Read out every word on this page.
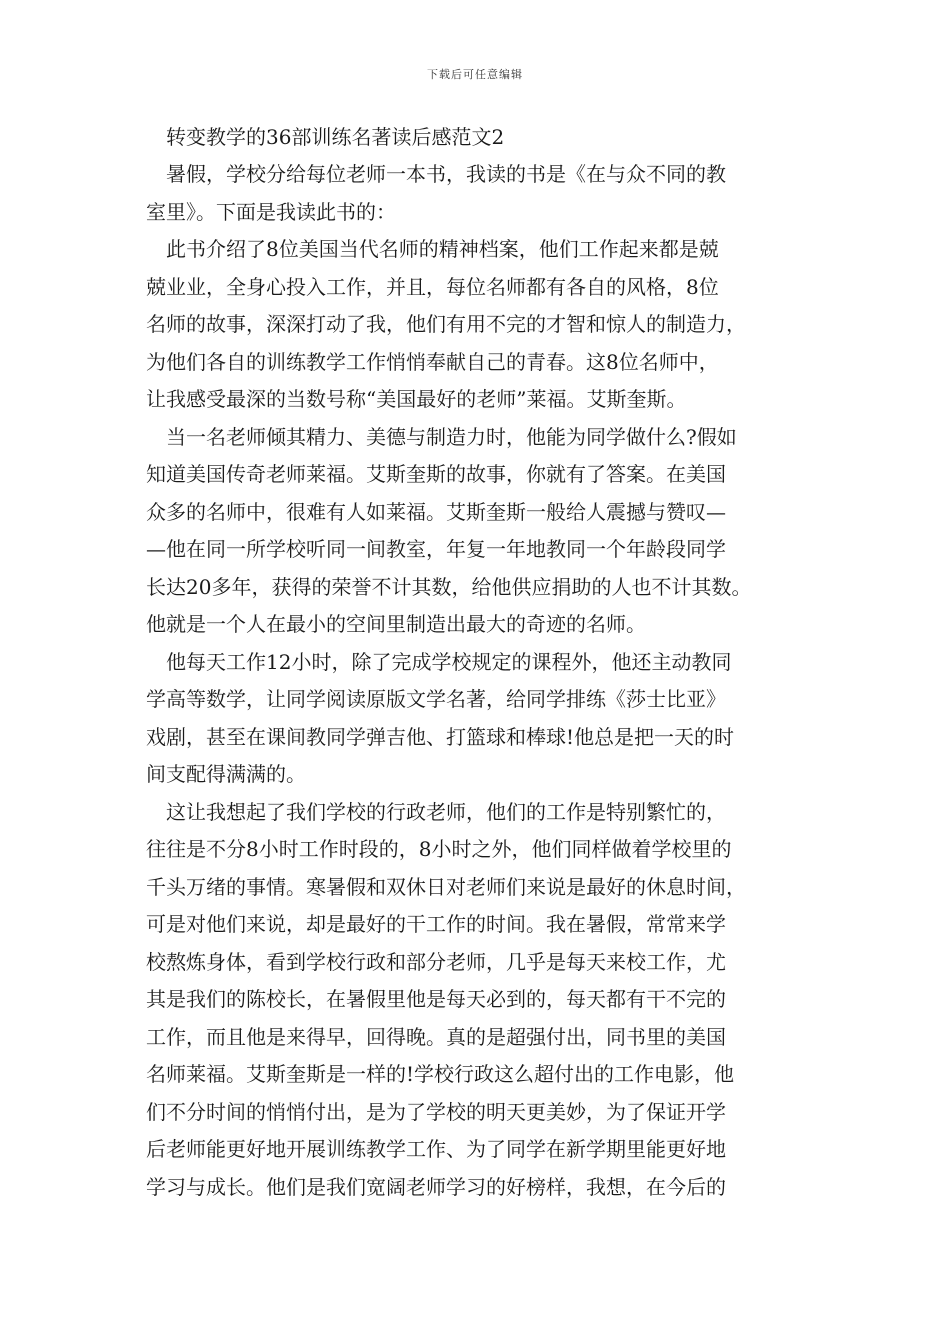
下载后可任意编辑

转变教学的36部训练名著读后感范文2

暑假，学校分给每位老师一本书，我读的书是《在与众不同的教
室里》。下面是我读此书的：

此书介绍了8位美国当代名师的精神档案，他们工作起来都是兢
兢业业，全身心投入工作，并且，每位名师都有各自的风格，8位
名师的故事，深深打动了我，他们有用不完的才智和惊人的制造力，
为他们各自的训练教学工作悄悄奉献自己的青春。这8位名师中，
让我感受最深的当数号称“美国最好的老师”莱福。艾斯奎斯。

当一名老师倾其精力、美德与制造力时，他能为同学做什么?假如
知道美国传奇老师莱福。艾斯奎斯的故事，你就有了答案。在美国
众多的名师中，很难有人如莱福。艾斯奎斯一般给人震撼与赞叹—
—他在同一所学校听同一间教室，年复一年地教同一个年龄段同学
长达20多年，获得的荣誉不计其数，给他供应捐助的人也不计其数。
他就是一个人在最小的空间里制造出最大的奇迹的名师。

他每天工作12小时，除了完成学校规定的课程外，他还主动教同
学高等数学，让同学阅读原版文学名著，给同学排练《莎士比亚》
戏剧，甚至在课间教同学弹吉他、打篮球和棒球!他总是把一天的时
间支配得满满的。

这让我想起了我们学校的行政老师，他们的工作是特别繁忙的，
往往是不分8小时工作时段的，8小时之外，他们同样做着学校里的
千头万绪的事情。寒暑假和双休日对老师们来说是最好的休息时间，
可是对他们来说，却是最好的干工作的时间。我在暑假，常常来学
校熬炼身体，看到学校行政和部分老师，几乎是每天来校工作，尤
其是我们的陈校长，在暑假里他是每天必到的，每天都有干不完的
工作，而且他是来得早，回得晚。真的是超强付出，同书里的美国
名师莱福。艾斯奎斯是一样的!学校行政这么超付出的工作电影，他
们不分时间的悄悄付出，是为了学校的明天更美妙，为了保证开学
后老师能更好地开展训练教学工作、为了同学在新学期里能更好地
学习与成长。他们是我们宽阔老师学习的好榜样，我想，在今后的
